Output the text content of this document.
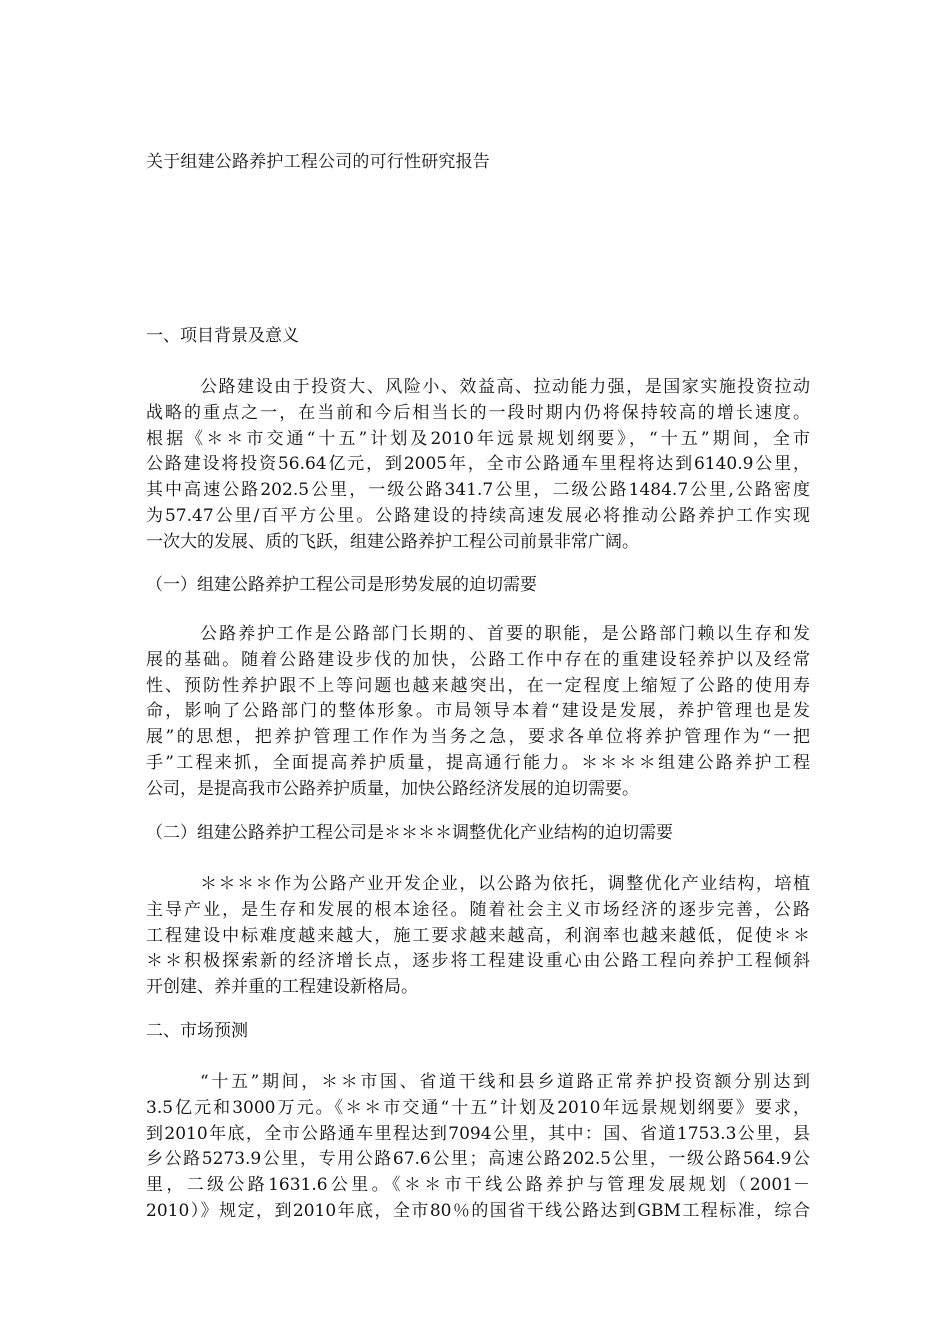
关于组建公路养护工程公司的可行性研究报告
一、项目背景及意义
公路建设由于投资大、风险小、效益高、拉动能力强，是国家实施投资拉动
战略的重点之一，在当前和今后相当长的一段时期内仍将保持较高的增长速度。
根据《＊＊市交通“十五”计划及2010年远景规划纲要》，“十五”期间，全市
公路建设将投资56.64亿元，到2005年，全市公路通车里程将达到6140.9公里，
其中高速公路202.5公里，一级公路341.7公里，二级公路1484.7公里,公路密度
为57.47公里/百平方公里。公路建设的持续高速发展必将推动公路养护工作实现
一次大的发展、质的飞跃，组建公路养护工程公司前景非常广阔。
（一）组建公路养护工程公司是形势发展的迫切需要
公路养护工作是公路部门长期的、首要的职能，是公路部门赖以生存和发
展的基础。随着公路建设步伐的加快，公路工作中存在的重建设轻养护以及经常
性、预防性养护跟不上等问题也越来越突出，在一定程度上缩短了公路的使用寿
命，影响了公路部门的整体形象。市局领导本着“建设是发展，养护管理也是发
展”的思想，把养护管理工作作为当务之急，要求各单位将养护管理作为“一把
手”工程来抓，全面提高养护质量，提高通行能力。＊＊＊＊组建公路养护工程
公司，是提高我市公路养护质量，加快公路经济发展的迫切需要。
（二）组建公路养护工程公司是＊＊＊＊调整优化产业结构的迫切需要
＊＊＊＊作为公路产业开发企业，以公路为依托，调整优化产业结构，培植
主导产业，是生存和发展的根本途径。随着社会主义市场经济的逐步完善，公路
工程建设中标难度越来越大，施工要求越来越高，利润率也越来越低，促使＊＊
＊＊积极探索新的经济增长点，逐步将工程建设重心由公路工程向养护工程倾斜
开创建、养并重的工程建设新格局。
二、市场预测
“十五”期间，＊＊市国、省道干线和县乡道路正常养护投资额分别达到
3.5亿元和3000万元。《＊＊市交通“十五”计划及2010年远景规划纲要》要求，
到2010年底，全市公路通车里程达到7094公里，其中：国、省道1753.3公里，县
乡公路5273.9公里，专用公路67.6公里；高速公路202.5公里，一级公路564.9公
里，二级公路1631.6公里。《＊＊市干线公路养护与管理发展规划（2001－
2010）》规定，到2010年底，全市80％的国省干线公路达到GBM工程标准，综合
